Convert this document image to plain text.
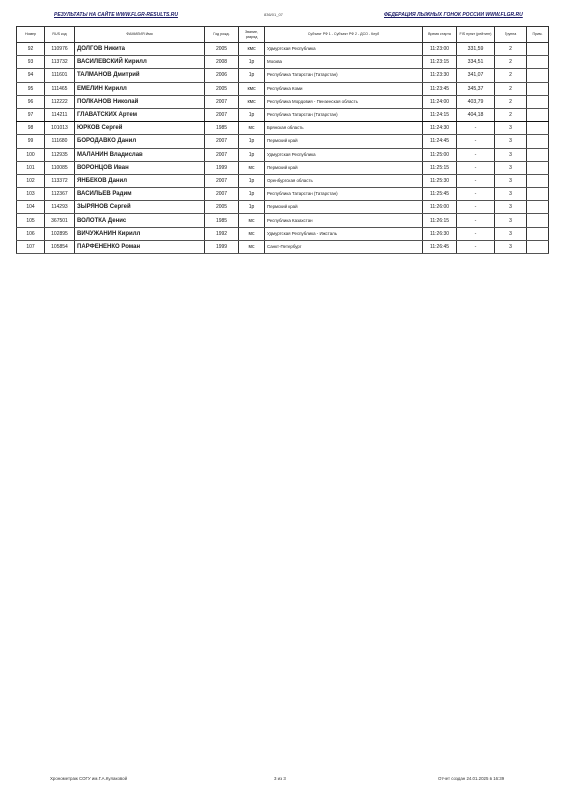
РЕЗУЛЬТАТЫ НА САЙТЕ WWW.FLGR-RESULTS.RU	836/01_07	ФЕДЕРАЦИЯ ЛЫЖНЫХ ГОНОК РОССИИ WWW.FLGR.RU
Номер	RUS код	ФАМИЛИЯ Имя	Год рожд.	Звание, разряд	Субъект РФ 1 - Субъект РФ 2 - ДСО - Клуб	Время старта	FIS пункт (рейтинг)	Группа	Прим.
92	110976	ДОЛГОВ Никита	2005	кмс	Удмуртская Республика	11:23:00	331,59	2	
93	113732	ВАСИЛЕВСКИЙ Кирилл	2008	1р	Москва	11:23:15	334,51	2	
94	111601	ТАЛМАНОВ Дмитрий	2006	1р	Республика Татарстан (Татарстан)	11:23:30	341,07	2	
95	111465	ЕМЕЛИН Кирилл	2005	кмс	Республика Коми	11:23:45	345,37	2	
96	112222	ПОЛКАНОВ Николай	2007	кмс	Республика Мордовия - Пензенская область	11:24:00	403,79	2	
97	114211	ГЛАВАТСКИХ Артем	2007	1р	Республика Татарстан (Татарстан)	11:24:15	404,18	2	
98	101013	ЮРКОВ Сергей	1985	мс	Брянская область	11:24:30	-	3	
99	111680	БОРОДАВКО Данил	2007	1р	Пермский край	11:24:45	-	3	
100	112935	МАЛАНИН Владислав	2007	1р	Удмуртская Республика	11:25:00	-	3	
101	110085	ВОРОНЦОВ Иван	1999	мс	Пермский край	11:25:15	-	3	
102	113372	ЯНБЕКОВ Данил	2007	1р	Оренбургская область	11:25:30	-	3	
103	112367	ВАСИЛЬЕВ Радим	2007	1р	Республика Татарстан (Татарстан)	11:25:45	-	3	
104	114293	ЗЫРЯНОВ Сергей	2005	1р	Пермский край	11:26:00	-	3	
105	367501	ВОЛОТКА Денис	1985	мс	Республика Казахстан	11:26:15	-	3	
106	102895	ВИЧУЖАНИН Кирилл	1992	мс	Удмуртская Республика - Ижсталь	11:26:30	-	3	
107	105854	ПАРФЕНЕНКО Роман	1999	мс	Санкт-Петербург	11:26:45	-	3	
Хронометраж СОГУ им.Г.А.Кулаковой	3 из 3	Отчет создан 24.01.2025 в 16:39
